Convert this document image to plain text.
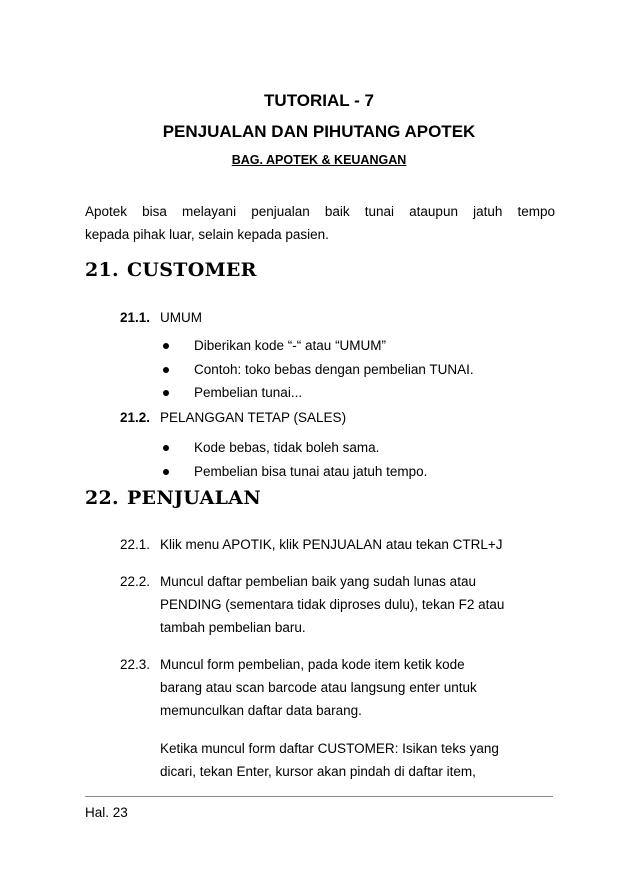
TUTORIAL - 7
PENJUALAN DAN PIHUTANG APOTEK
BAG. APOTEK & KEUANGAN
Apotek bisa melayani penjualan baik tunai ataupun jatuh tempo
kepada pihak luar, selain kepada pasien.
21. CUSTOMER
21.1. UMUM
Diberikan kode “-“ atau “UMUM”
Contoh: toko bebas dengan pembelian TUNAI.
Pembelian tunai...
21.2. PELANGGAN TETAP (SALES)
Kode bebas, tidak boleh sama.
Pembelian bisa tunai atau jatuh tempo.
22. PENJUALAN
22.1. Klik menu APOTIK, klik PENJUALAN atau tekan CTRL+J
22.2. Muncul daftar pembelian baik yang sudah lunas atau
PENDING (sementara tidak diproses dulu), tekan F2 atau
tambah pembelian baru.
22.3. Muncul form pembelian, pada kode item ketik kode
barang atau scan barcode atau langsung enter untuk
memunculkan daftar data barang.
Ketika muncul form daftar CUSTOMER: Isikan teks yang
dicari, tekan Enter, kursor akan pindah di daftar item,
Hal. 23
